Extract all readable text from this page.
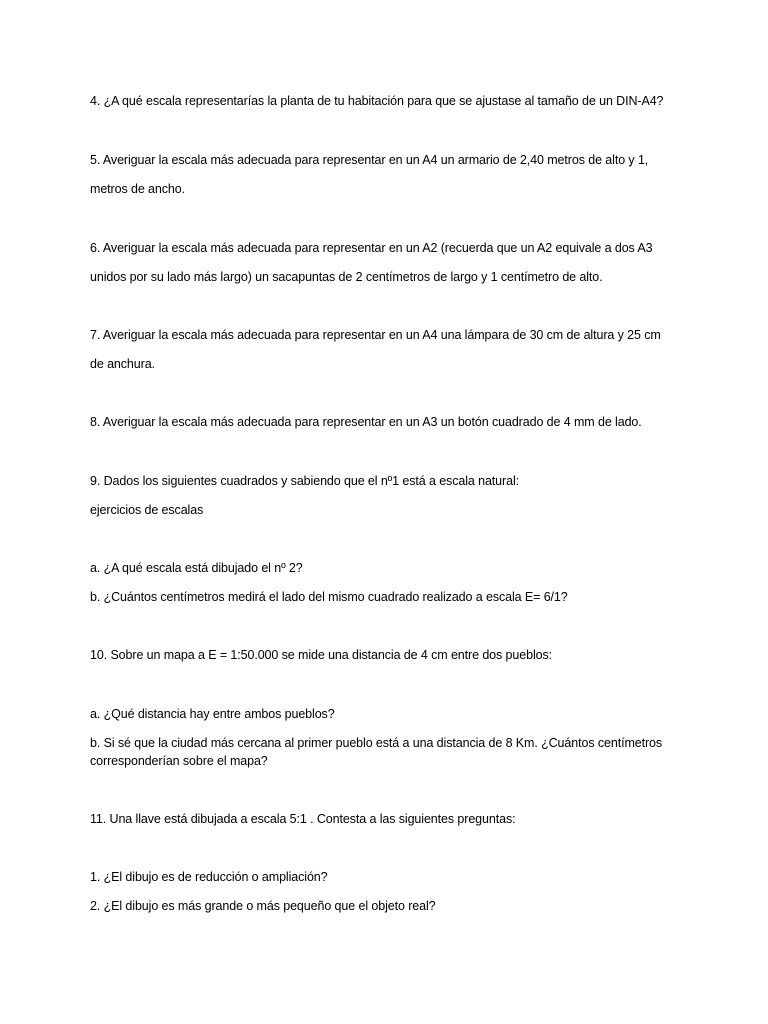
4. ¿A qué escala representarías la planta de tu habitación para que se ajustase al tamaño de un DIN-A4?
5. Averiguar la escala más adecuada para representar en un A4 un armario de 2,40 metros de alto y 1,
metros de ancho.
6. Averiguar la escala más adecuada para representar en un A2 (recuerda que un A2 equivale a dos A3
unidos por su lado más largo) un sacapuntas de 2 centímetros de largo y 1 centímetro de alto.
7. Averiguar la escala más adecuada para representar en un A4 una lámpara de 30 cm de altura y 25 cm
de anchura.
8. Averiguar la escala más adecuada para representar en un A3 un botón cuadrado de 4 mm de lado.
9. Dados los siguientes cuadrados y sabiendo que el nº1 está a escala natural:
ejercicios de escalas
a. ¿A qué escala está dibujado el nº 2?
b. ¿Cuántos centímetros medirá el lado del mismo cuadrado realizado a escala E= 6/1?
10. Sobre un mapa a E = 1:50.000 se mide una distancia de 4 cm entre dos pueblos:
a. ¿Qué distancia hay entre ambos pueblos?
b. Si sé que la ciudad más cercana al primer pueblo está a una distancia de 8 Km. ¿Cuántos centímetros
corresponderían sobre el mapa?
11. Una llave está dibujada a escala 5:1 . Contesta a las siguientes preguntas:
1. ¿El dibujo es de reducción o ampliación?
2. ¿El dibujo es más grande o más pequeño que el objeto real?
